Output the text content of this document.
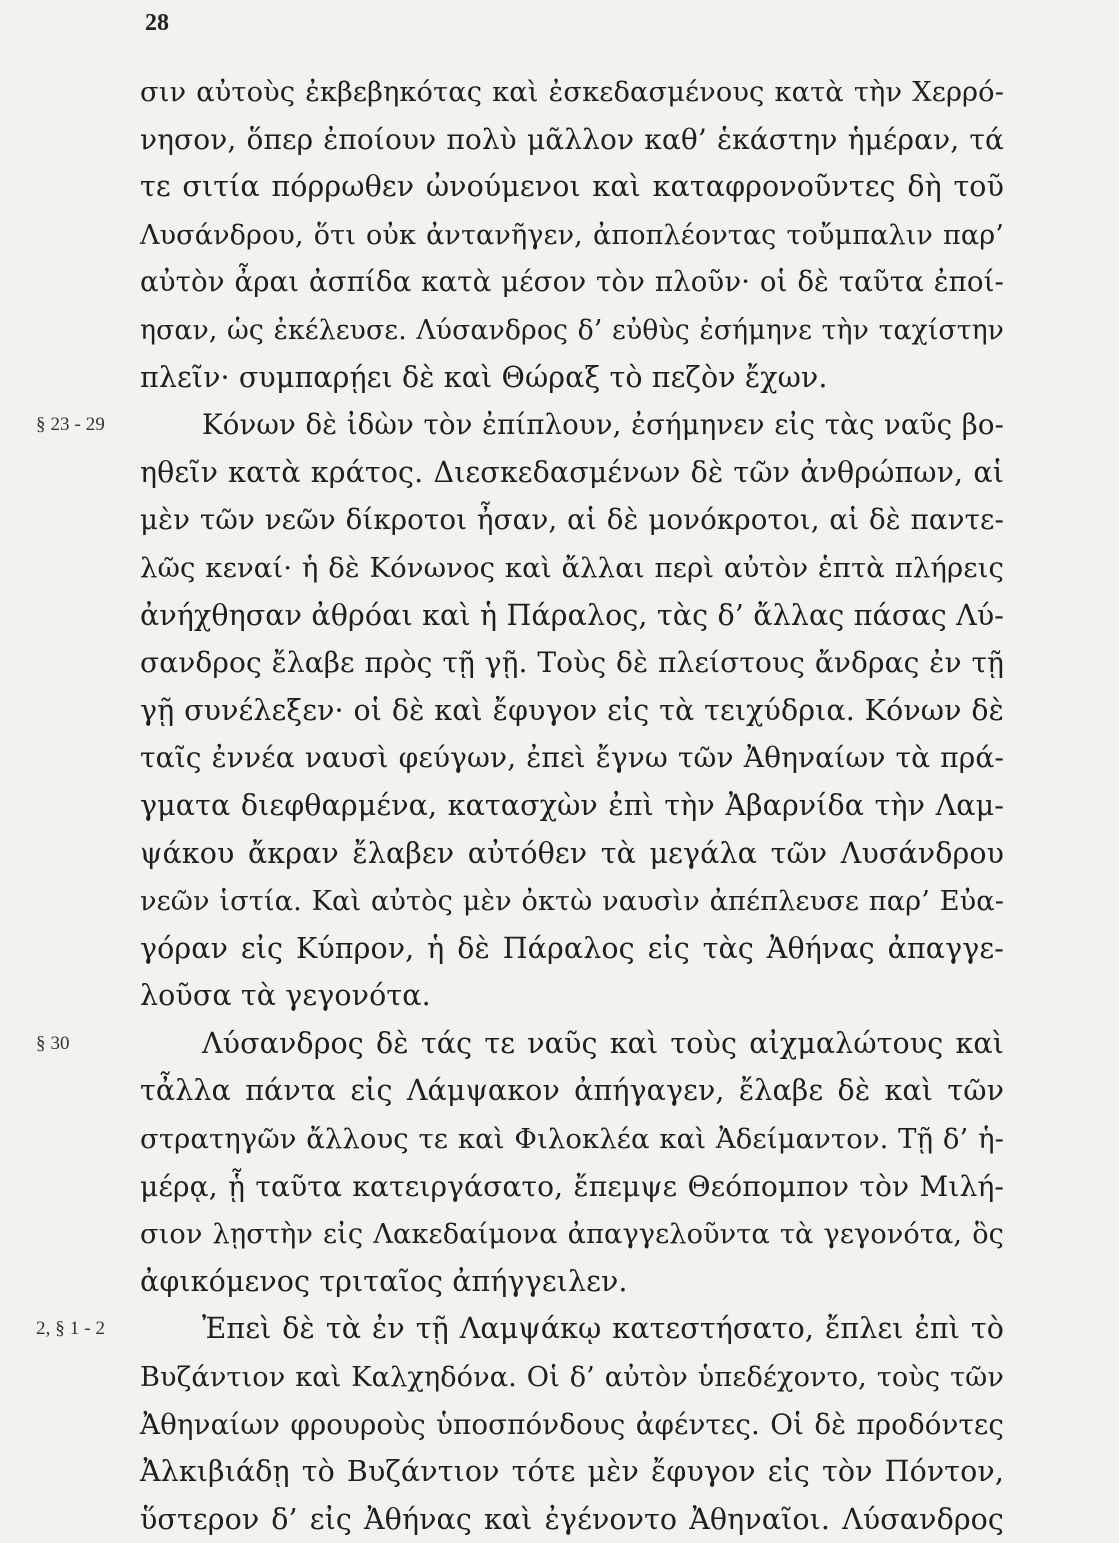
28
σιν αὐτοὺς ἐκβεβηκότας καὶ ἐσκεδασμένους κατὰ τὴν Χερρό-
νησον, ὅπερ ἐποίουν πολὺ μᾶλλον καθ’ ἑκάστην ἡμέραν, τά
τε σιτία πόρρωθεν ὠνούμενοι καὶ καταφρονοῦντες δὴ τοῦ
Λυσάνδρου, ὅτι οὐκ ἀντανῆγεν, ἀποπλέοντας τοὔμπαλιν παρ’
αὐτὸν ἆραι ἀσπίδα κατὰ μέσον τὸν πλοῦν· οἱ δὲ ταῦτα ἐποί-
ησαν, ὡς ἐκέλευσε. Λύσανδρος δ’ εὐθὺς ἐσήμηνε τὴν ταχίστην
πλεῖν· συμπαρῄει δὲ καὶ Θώραξ τὸ πεζὸν ἔχων.
§ 23 - 29	Κόνων δὲ ἰδὼν τὸν ἐπίπλουν, ἐσήμηνεν εἰς τὰς ναῦς βο-
ηθεῖν κατὰ κράτος. Διεσκεδασμένων δὲ τῶν ἀνθρώπων, αἱ
μὲν τῶν νεῶν δίκροτοι ἦσαν, αἱ δὲ μονόκροτοι, αἱ δὲ παντε-
λῶς κεναί· ἡ δὲ Κόνωνος καὶ ἄλλαι περὶ αὐτὸν ἑπτὰ πλήρεις
ἀνήχθησαν ἀθρόαι καὶ ἡ Πάραλος, τὰς δ’ ἄλλας πάσας Λύ-
σανδρος ἔλαβε πρὸς τῇ γῇ. Τοὺς δὲ πλείστους ἄνδρας ἐν τῇ
γῇ συνέλεξεν· οἱ δὲ καὶ ἔφυγον εἰς τὰ τειχύδρια. Κόνων δὲ
ταῖς ἐννέα ναυσὶ φεύγων, ἐπεὶ ἔγνω τῶν Ἀθηναίων τὰ πρά-
γματα διεφθαρμένα, κατασχὼν ἐπὶ τὴν Ἀβαρνίδα τὴν Λαμ-
ψάκου ἄκραν ἔλαβεν αὐτόθεν τὰ μεγάλα τῶν Λυσάνδρου
νεῶν ἱστία. Καὶ αὐτὸς μὲν ὀκτὼ ναυσὶν ἀπέπλευσε παρ’ Εὐα-
γόραν εἰς Κύπρον, ἡ δὲ Πάραλος εἰς τὰς Ἀθήνας ἀπαγγε-
λοῦσα τὰ γεγονότα.
§ 30	Λύσανδρος δὲ τάς τε ναῦς καὶ τοὺς αἰχμαλώτους καὶ
τἆλλα πάντα εἰς Λάμψακον ἀπήγαγεν, ἔλαβε δὲ καὶ τῶν
στρατηγῶν ἄλλους τε καὶ Φιλοκλέα καὶ Ἀδείμαντον. Τῇ δ’ ἡ-
μέρᾳ, ᾗ ταῦτα κατειργάσατο, ἔπεμψε Θεόπομπον τὸν Μιλή-
σιον λῃστὴν εἰς Λακεδαίμονα ἀπαγγελοῦντα τὰ γεγονότα, ὃς
ἀφικόμενος τριταῖος ἀπήγγειλεν.
2, § 1 - 2	Ἐπεὶ δὲ τὰ ἐν τῇ Λαμψάκῳ κατεστήσατο, ἔπλει ἐπὶ τὸ
Βυζάντιον καὶ Καλχηδόνα. Οἱ δ’ αὐτὸν ὑπεδέχοντο, τοὺς τῶν
Ἀθηναίων φρουροὺς ὑποσπόνδους ἀφέντες. Οἱ δὲ προδόντες
Ἀλκιβιάδῃ τὸ Βυζάντιον τότε μὲν ἔφυγον εἰς τὸν Πόντον,
ὕστερον δ’ εἰς Ἀθήνας καὶ ἐγένοντο Ἀθηναῖοι. Λύσανδρος
